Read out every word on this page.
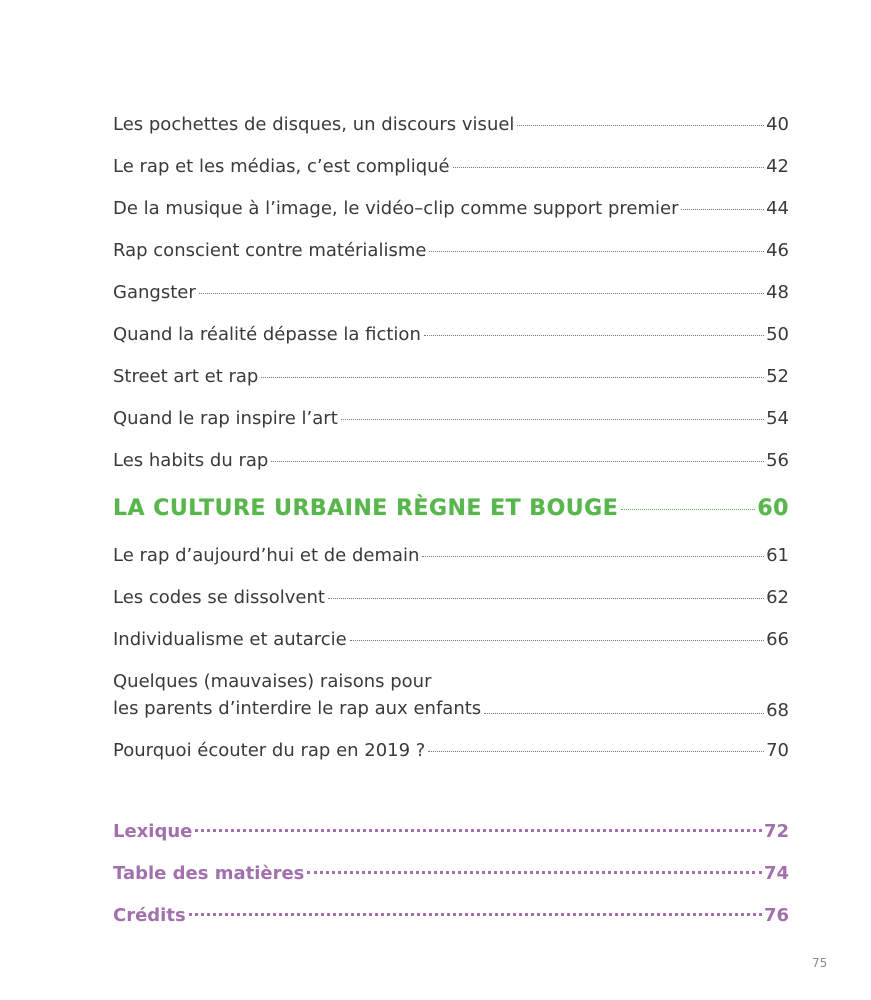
Les pochettes de disques, un discours visuel	40
Le rap et les médias, c’est compliqué	42
De la musique à l’image, le vidéo–clip comme support premier	44
Rap conscient contre matérialisme	46
Gangster	48
Quand la réalité dépasse la fiction	50
Street art et rap	52
Quand le rap inspire l’art	54
Les habits du rap	56
LA CULTURE URBAINE RÈGNE ET BOUGE	60
Le rap d’aujourd’hui et de demain	61
Les codes se dissolvent	62
Individualisme et autarcie	66
Quelques (mauvaises) raisons pour
les parents d’interdire le rap aux enfants	68
Pourquoi écouter du rap en 2019 ?	70
Lexique	72
Table des matières	74
Crédits	76
75
